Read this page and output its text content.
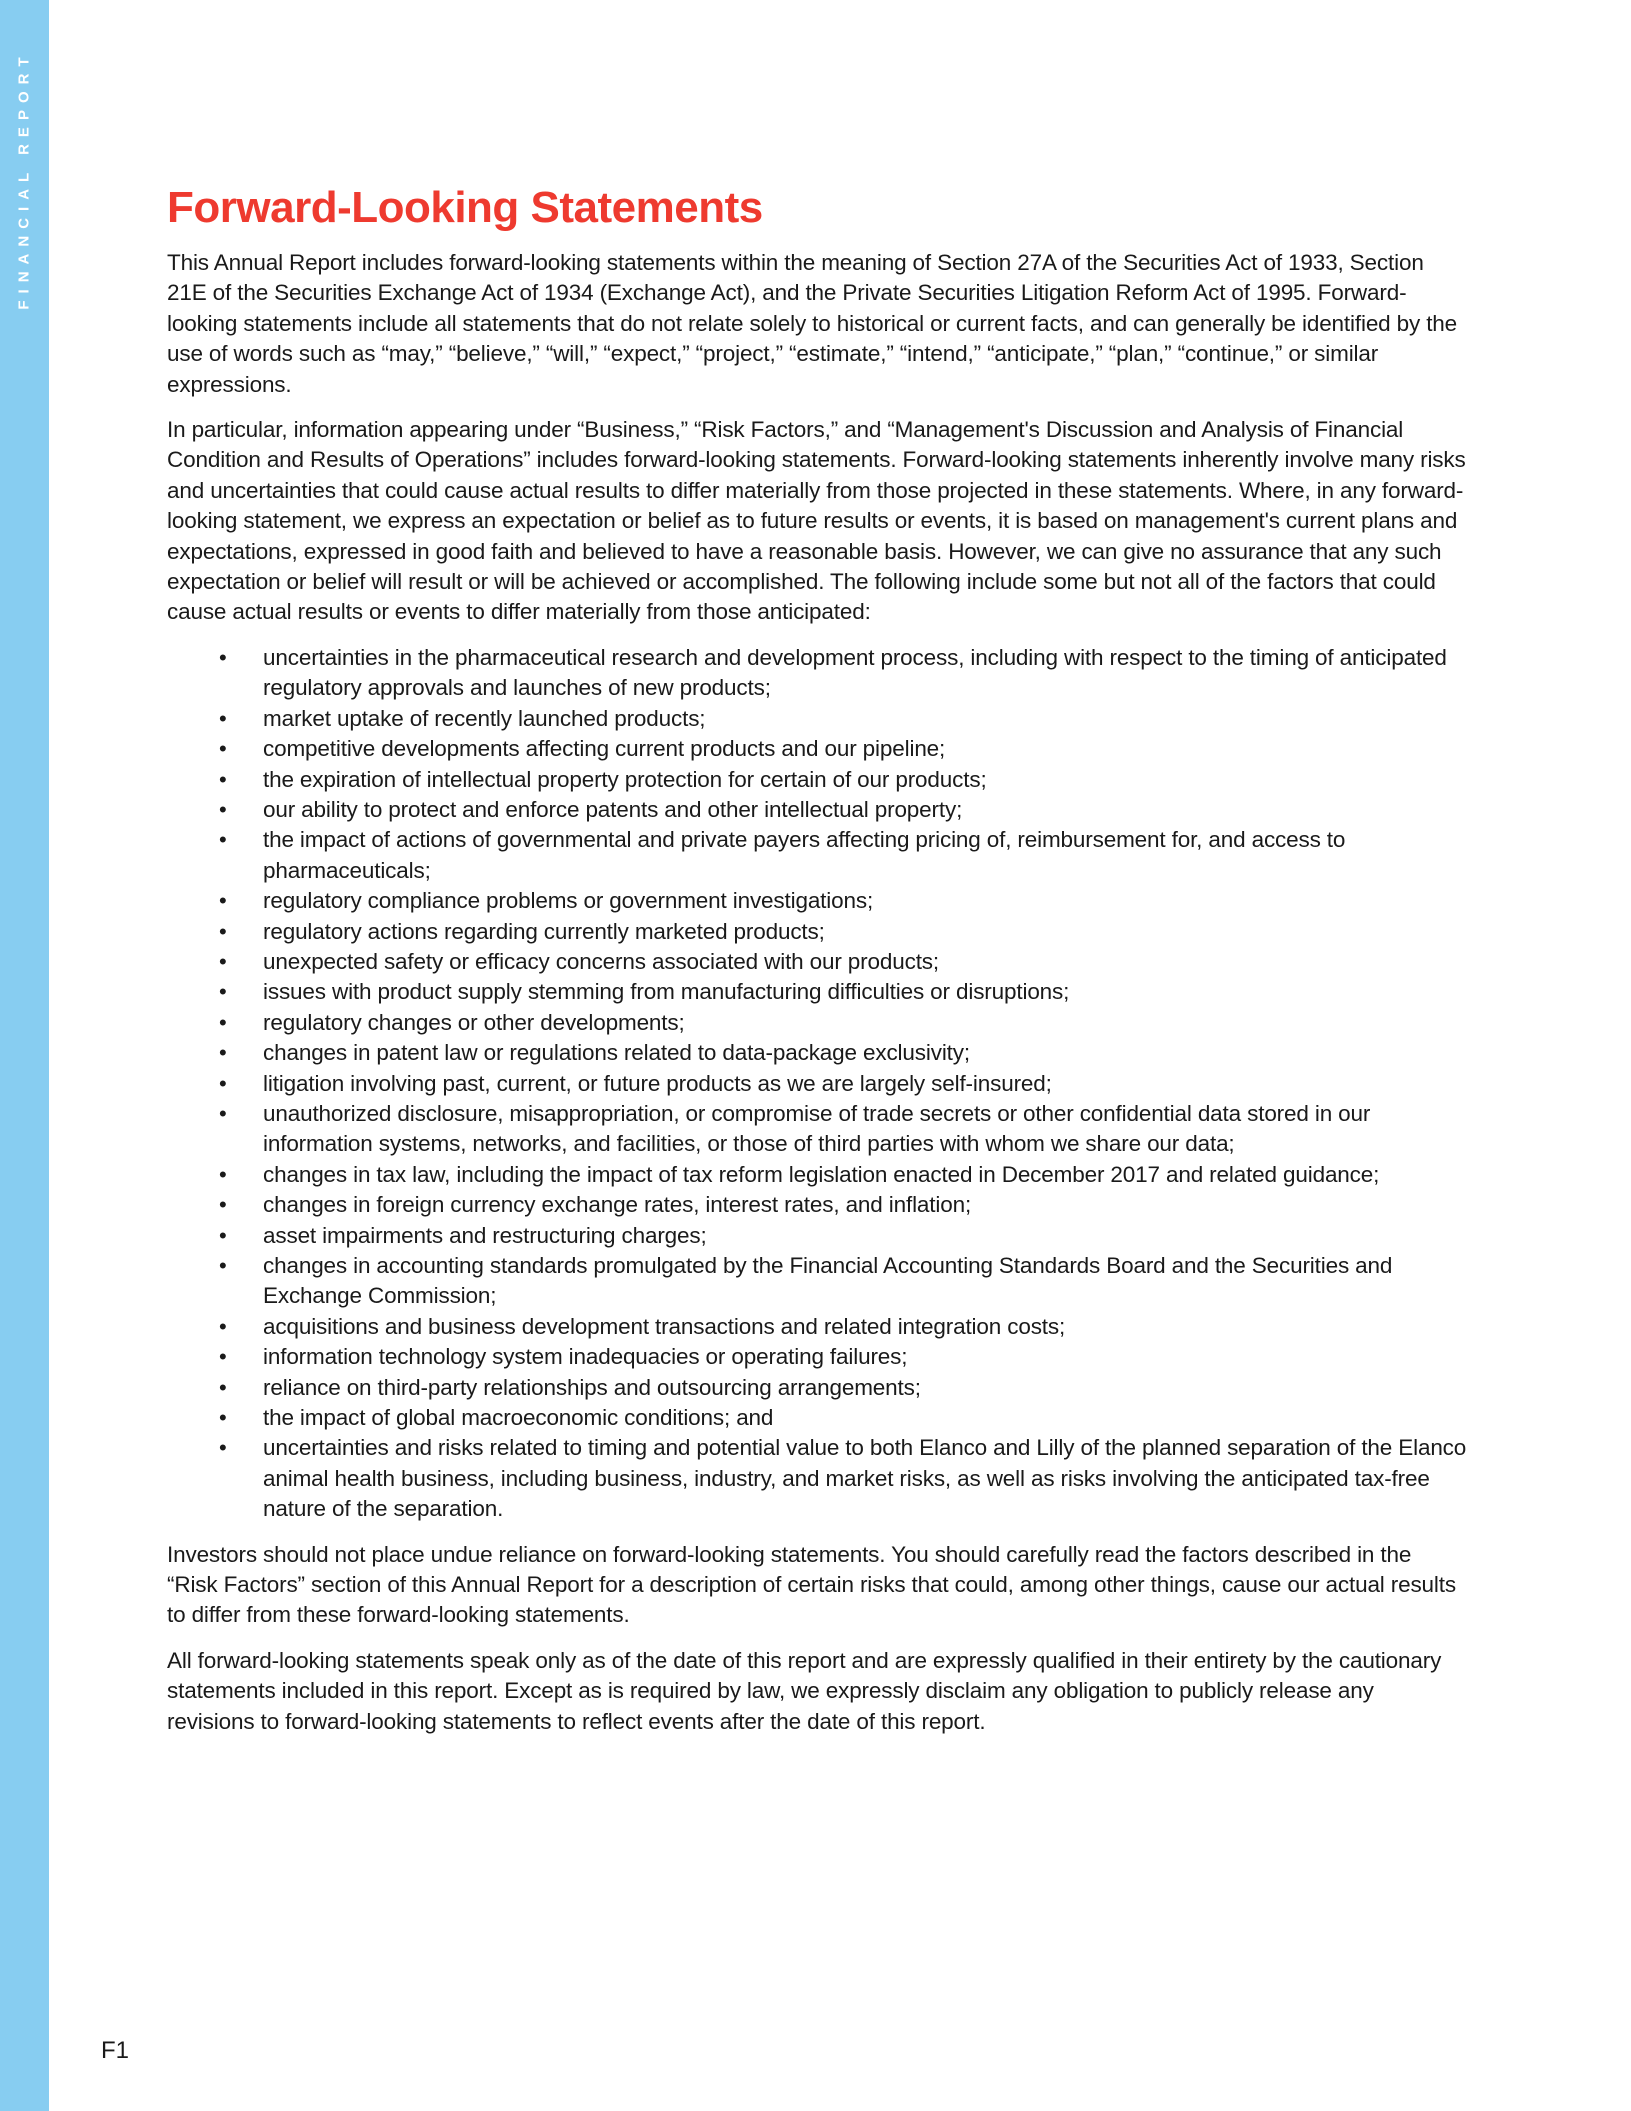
FINANCIAL REPORT	Forward-Looking Statements

This Annual Report includes forward-looking statements within the meaning of Section 27A of the Securities Act of 1933, Section 21E of the Securities Exchange Act of 1934 (Exchange Act), and the Private Securities Litigation Reform Act of 1995. Forward-looking statements include all statements that do not relate solely to historical or current facts, and can generally be identified by the use of words such as “may,” “believe,” “will,” “expect,” “project,” “estimate,” “intend,” “anticipate,” “plan,” “continue,” or similar expressions.

In particular, information appearing under “Business,” “Risk Factors,” and “Management's Discussion and Analysis of Financial Condition and Results of Operations” includes forward-looking statements. Forward-looking statements inherently involve many risks and uncertainties that could cause actual results to differ materially from those projected in these statements. Where, in any forward-looking statement, we express an expectation or belief as to future results or events, it is based on management's current plans and expectations, expressed in good faith and believed to have a reasonable basis. However, we can give no assurance that any such expectation or belief will result or will be achieved or accomplished. The following include some but not all of the factors that could cause actual results or events to differ materially from those anticipated:

• uncertainties in the pharmaceutical research and development process, including with respect to the timing of anticipated regulatory approvals and launches of new products;
• market uptake of recently launched products;
• competitive developments affecting current products and our pipeline;
• the expiration of intellectual property protection for certain of our products;
• our ability to protect and enforce patents and other intellectual property;
• the impact of actions of governmental and private payers affecting pricing of, reimbursement for, and access to pharmaceuticals;
• regulatory compliance problems or government investigations;
• regulatory actions regarding currently marketed products;
• unexpected safety or efficacy concerns associated with our products;
• issues with product supply stemming from manufacturing difficulties or disruptions;
• regulatory changes or other developments;
• changes in patent law or regulations related to data-package exclusivity;
• litigation involving past, current, or future products as we are largely self-insured;
• unauthorized disclosure, misappropriation, or compromise of trade secrets or other confidential data stored in our information systems, networks, and facilities, or those of third parties with whom we share our data;
• changes in tax law, including the impact of tax reform legislation enacted in December 2017 and related guidance;
• changes in foreign currency exchange rates, interest rates, and inflation;
• asset impairments and restructuring charges;
• changes in accounting standards promulgated by the Financial Accounting Standards Board and the Securities and Exchange Commission;
• acquisitions and business development transactions and related integration costs;
• information technology system inadequacies or operating failures;
• reliance on third-party relationships and outsourcing arrangements;
• the impact of global macroeconomic conditions; and
• uncertainties and risks related to timing and potential value to both Elanco and Lilly of the planned separation of the Elanco animal health business, including business, industry, and market risks, as well as risks involving the anticipated tax-free nature of the separation.

Investors should not place undue reliance on forward-looking statements. You should carefully read the factors described in the “Risk Factors” section of this Annual Report for a description of certain risks that could, among other things, cause our actual results to differ from these forward-looking statements.

All forward-looking statements speak only as of the date of this report and are expressly qualified in their entirety by the cautionary statements included in this report. Except as is required by law, we expressly disclaim any obligation to publicly release any revisions to forward-looking statements to reflect events after the date of this report.

F1
